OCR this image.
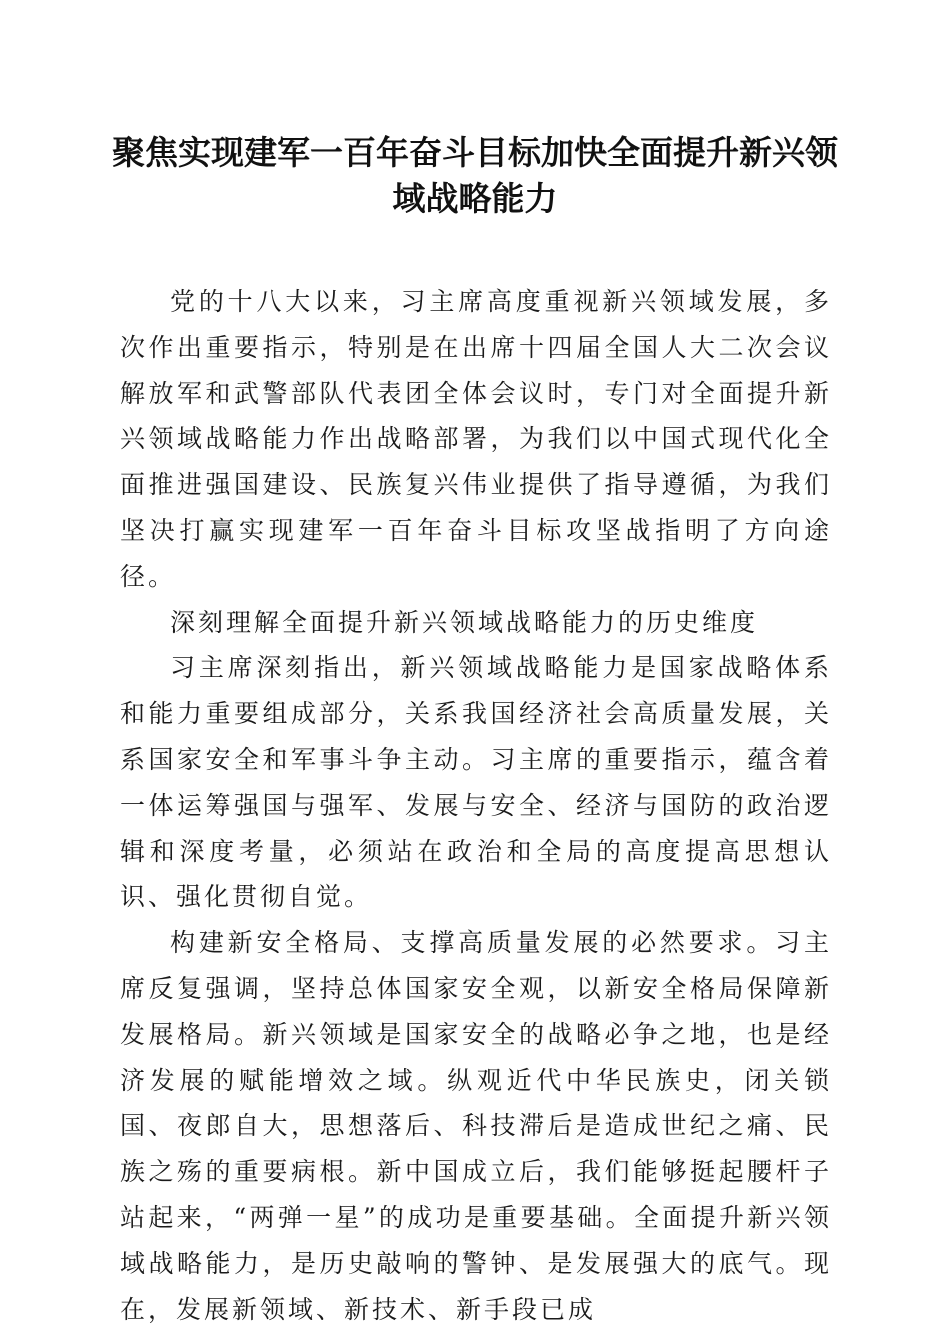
聚焦实现建军一百年奋斗目标加快全面提升新兴领域战略能力

党的十八大以来，习主席高度重视新兴领域发展，多次作出重要指示，特别是在出席十四届全国人大二次会议解放军和武警部队代表团全体会议时，专门对全面提升新兴领域战略能力作出战略部署，为我们以中国式现代化全面推进强国建设、民族复兴伟业提供了指导遵循，为我们坚决打赢实现建军一百年奋斗目标攻坚战指明了方向途径。

深刻理解全面提升新兴领域战略能力的历史维度

习主席深刻指出，新兴领域战略能力是国家战略体系和能力重要组成部分，关系我国经济社会高质量发展，关系国家安全和军事斗争主动。习主席的重要指示，蕴含着一体运筹强国与强军、发展与安全、经济与国防的政治逻辑和深度考量，必须站在政治和全局的高度提高思想认识、强化贯彻自觉。

构建新安全格局、支撑高质量发展的必然要求。习主席反复强调，坚持总体国家安全观，以新安全格局保障新发展格局。新兴领域是国家安全的战略必争之地，也是经济发展的赋能增效之域。纵观近代中华民族史，闭关锁国、夜郎自大，思想落后、科技滞后是造成世纪之痛、民族之殇的重要病根。新中国成立后，我们能够挺起腰杆子站起来，“两弹一星”的成功是重要基础。全面提升新兴领域战略能力，是历史敲响的警钟、是发展强大的底气。现在，发展新领域、新技术、新手段已成
